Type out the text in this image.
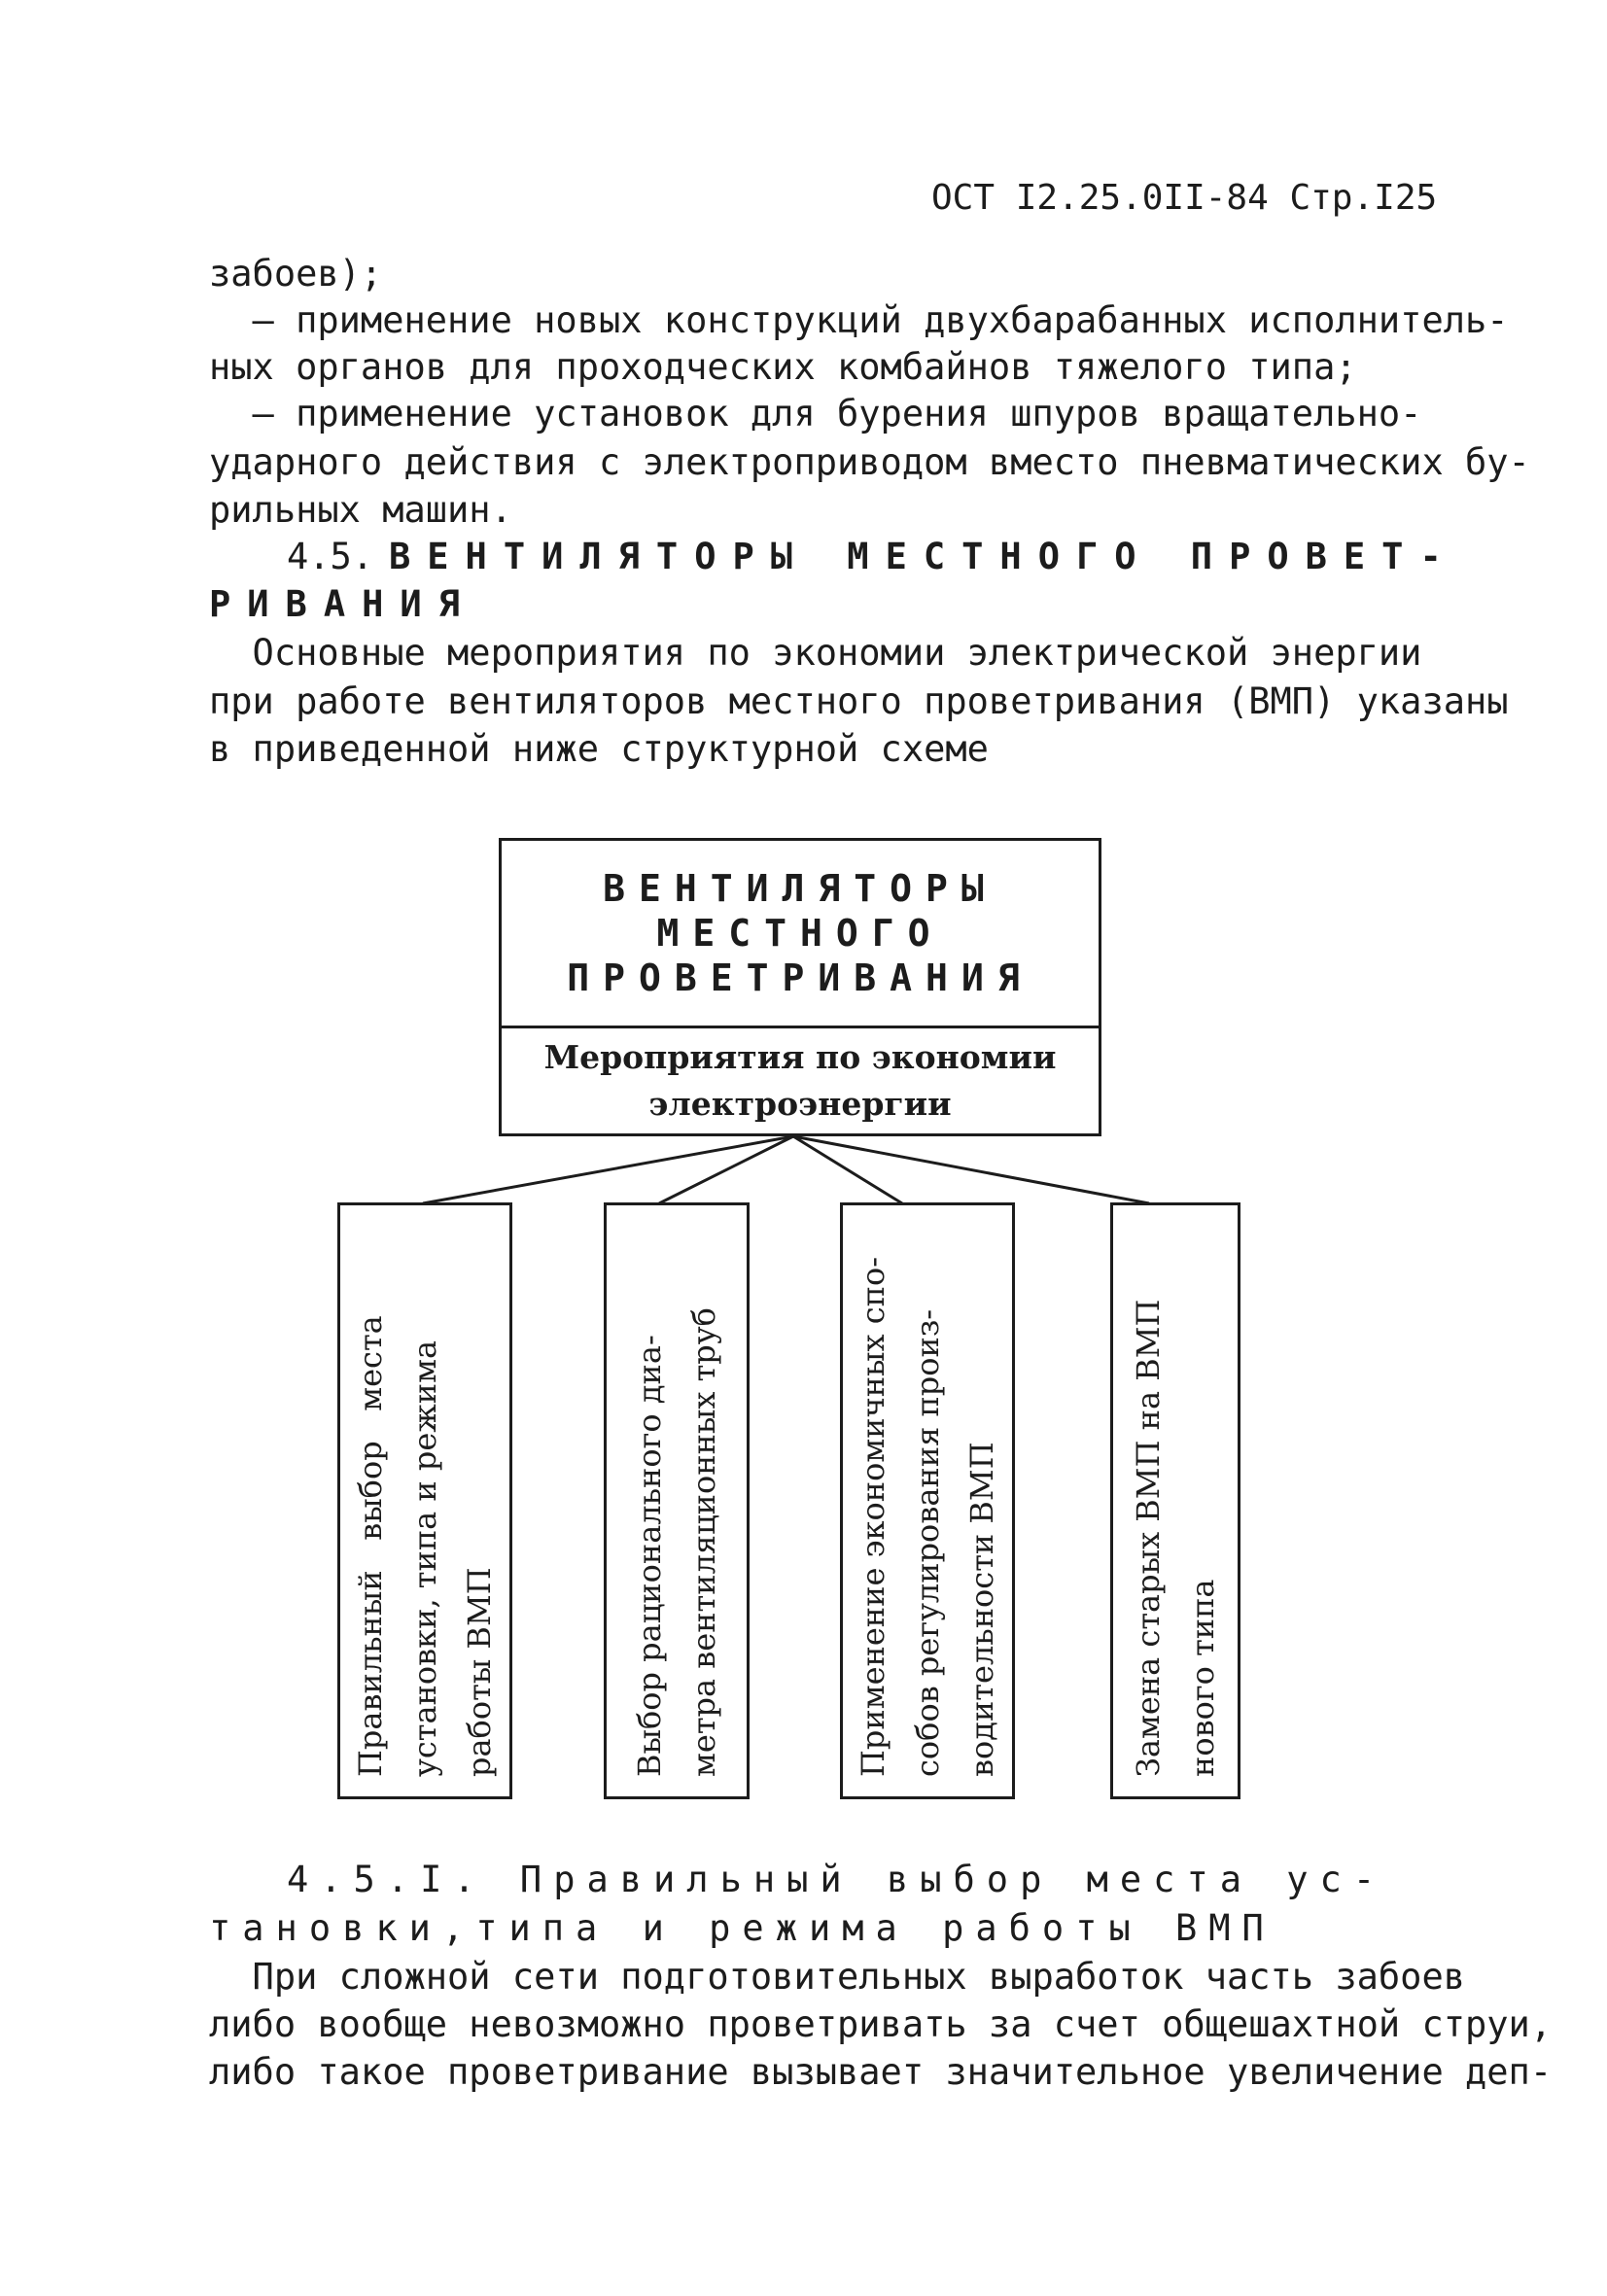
ОСТ I2.25.0II-84 Стр.I25
забоев);
– применение новых конструкций двухбарабанных исполнитель-
ных органов для проходческих комбайнов тяжелого типа;
– применение установок для бурения шпуров вращательно-
ударного действия с электроприводом вместо пневматических бу-
рильных машин.
4.5. ВЕНТИЛЯТОРЫ МЕСТНОГО ПРОВЕТ-
РИВАНИЯ
Основные мероприятия по экономии электрической энергии
при работе вентиляторов местного проветривания (ВМП) указаны
в приведенной ниже структурной схеме
ВЕНТИЛЯТОРЫ
МЕСТНОГО
ПРОВЕТРИВАНИЯ
Мероприятия по экономии
электроэнергии
Правильный   выбор   места установки, типа и режима работы ВМП	Выбор рационального диа- метра вентиляционных труб	Применение экономичных спо- собов регулирования произ- водительности ВМП	Замена старых ВМП на ВМП нового типа
4.5.I. Правильный выбор места ус-
тановки,типа и режима работы ВМП
При сложной сети подготовительных выработок часть забоев
либо вообще невозможно проветривать за счет общешахтной струи,
либо такое проветривание вызывает значительное увеличение деп-
